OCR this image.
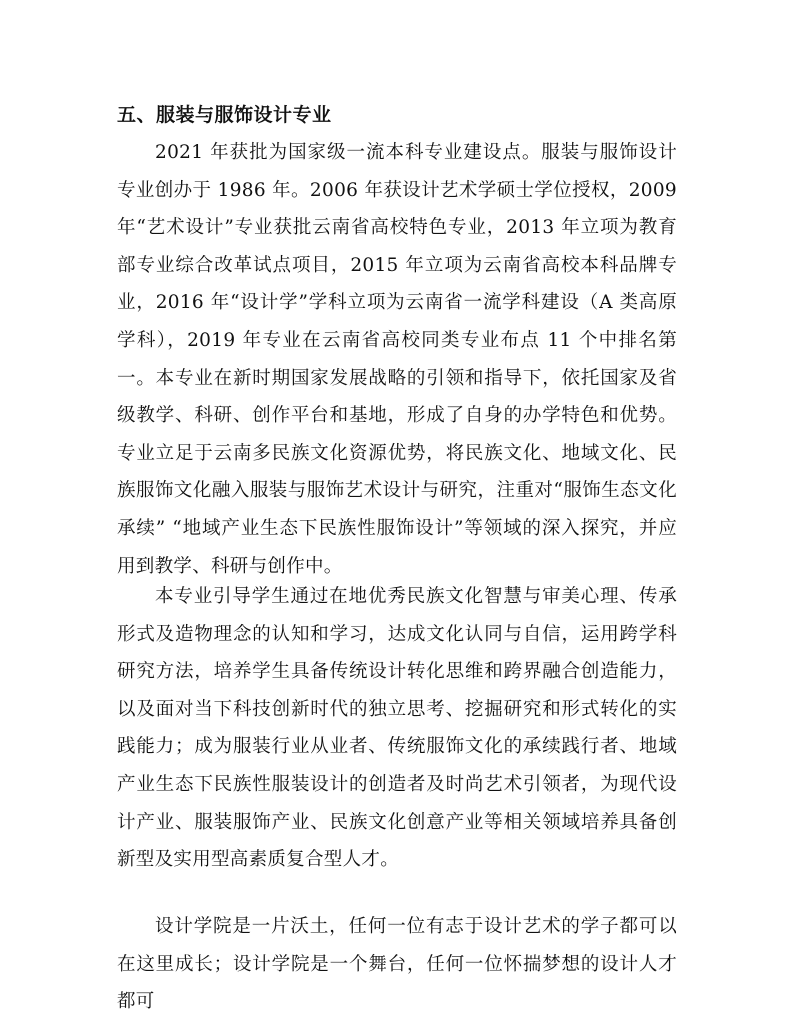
五、服装与服饰设计专业

2021 年获批为国家级一流本科专业建设点。服装与服饰设计专业创办于 1986 年。2006 年获设计艺术学硕士学位授权，2009 年“艺术设计”专业获批云南省高校特色专业，2013 年立项为教育部专业综合改革试点项目，2015 年立项为云南省高校本科品牌专业，2016 年“设计学”学科立项为云南省一流学科建设（A 类高原学科），2019 年专业在云南省高校同类专业布点 11 个中排名第一。本专业在新时期国家发展战略的引领和指导下，依托国家及省级教学、科研、创作平台和基地，形成了自身的办学特色和优势。专业立足于云南多民族文化资源优势，将民族文化、地域文化、民族服饰文化融入服装与服饰艺术设计与研究，注重对“服饰生态文化承续” “地域产业生态下民族性服饰设计”等领域的深入探究，并应用到教学、科研与创作中。

本专业引导学生通过在地优秀民族文化智慧与审美心理、传承形式及造物理念的认知和学习，达成文化认同与自信，运用跨学科研究方法，培养学生具备传统设计转化思维和跨界融合创造能力，以及面对当下科技创新时代的独立思考、挖掘研究和形式转化的实践能力；成为服装行业从业者、传统服饰文化的承续践行者、地域产业生态下民族性服装设计的创造者及时尚艺术引领者，为现代设计产业、服装服饰产业、民族文化创意产业等相关领域培养具备创新型及实用型高素质复合型人才。

设计学院是一片沃土，任何一位有志于设计艺术的学子都可以在这里成长；设计学院是一个舞台，任何一位怀揣梦想的设计人才都可
